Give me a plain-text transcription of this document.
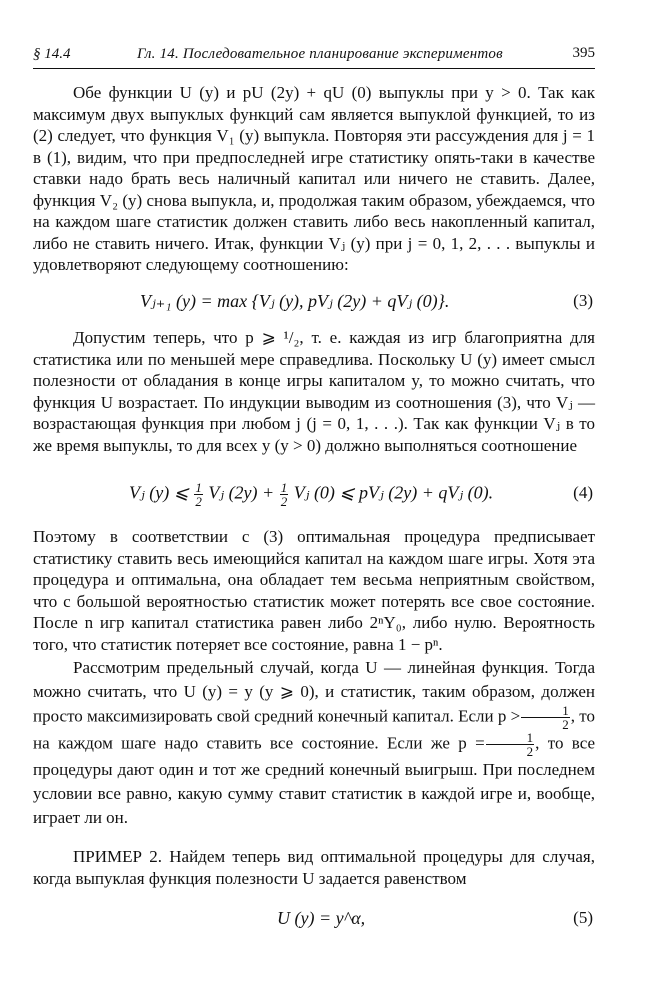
§ 14.4	Гл. 14. Последовательное планирование экспериментов	395

Обе функции U (y) и pU (2y) + qU (0) выпуклы при y > 0. Так как максимум двух выпуклых функций сам является выпуклой функцией, то из (2) следует, что функция V₁ (y) выпукла. Повторяя эти рассуждения для j = 1 в (1), видим, что при предпоследней игре статистику опять-таки в качестве ставки надо брать весь наличный капитал или ничего не ставить. Далее, функция V₂ (y) снова выпукла, и, продолжая таким образом, убеждаемся, что на каждом шаге статистик должен ставить либо весь накопленный капитал, либо не ставить ничего. Итак, функции Vⱼ (y) при j = 0, 1, 2, . . . выпуклы и удовлетворяют следующему соотношению:

Vⱼ₊₁ (y) = max {Vⱼ (y), pVⱼ (2y) + qVⱼ (0)}.	(3)

Допустим теперь, что p ⩾ ¹/₂, т. е. каждая из игр благоприятна для статистика или по меньшей мере справедлива. Поскольку U (y) имеет смысл полезности от обладания в конце игры капиталом y, то можно считать, что функция U возрастает. По индукции выводим из соотношения (3), что Vⱼ — возрастающая функция при любом j (j = 0, 1, . . .). Так как функции Vⱼ в то же время выпуклы, то для всех y (y > 0) должно выполняться соотношение

Vⱼ (y) ⩽ $\frac{1}{2}$ Vⱼ $(2y) + \frac{1}{2}$ Vⱼ (0) ⩽ pVⱼ (2y) + qVⱼ (0).	(4)

Поэтому в соответствии с (3) оптимальная процедура предписывает статистику ставить весь имеющийся капитал на каждом шаге игры. Хотя эта процедура и оптимальна, она обладает тем весьма неприятным свойством, что с большой вероятностью статистик может потерять все свое состояние. После n игр капитал статистика равен либо 2ⁿY₀, либо нулю. Вероятность того, что статистик потеряет все состояние, равна 1 − pⁿ.

Рассмотрим предельный случай, когда U — линейная функция. Тогда можно считать, что U (y) = y (y ⩾ 0), и статистик, таким образом, должен просто максимизировать свой средний конечный капитал. Если $p > \frac{1}{2}$ , то на каждом шаге надо ставить все состояние. Если же $p = \frac{1}{2}$ , то все процедуры дают один и тот же средний конечный выигрыш. При последнем условии все равно, какую сумму ставит статистик в каждой игре и, вообще, играет ли он.

ПРИМЕР 2. Найдем теперь вид оптимальной процедуры для случая, когда выпуклая функция полезности U задается равенством

U (y) = y^α,	(5)
